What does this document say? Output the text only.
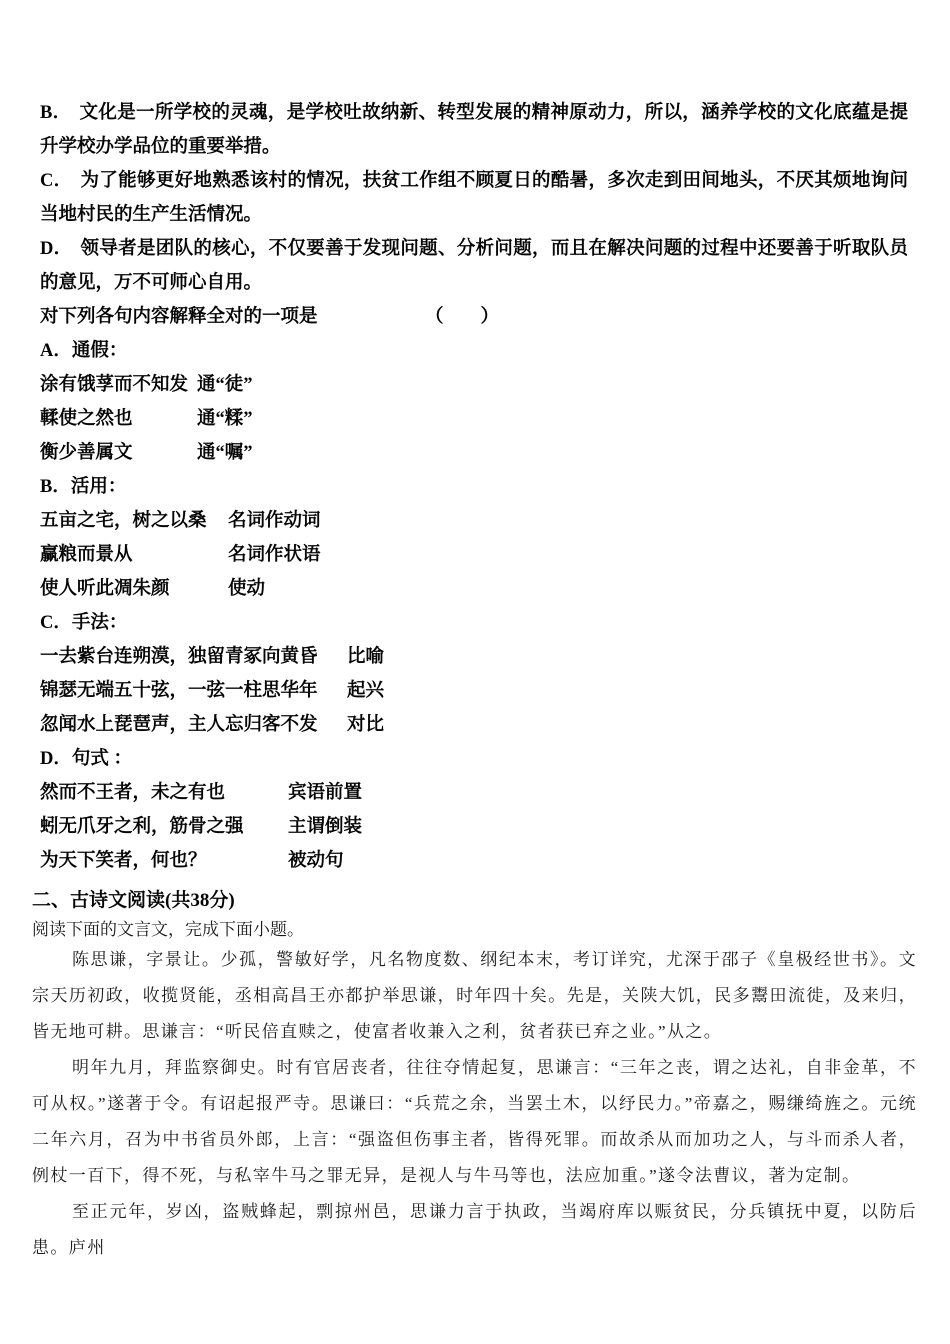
B． 文化是一所学校的灵魂，是学校吐故纳新、转型发展的精神原动力，所以，涵养学校的文化底蕴是提升学校办学品位的重要举措。

C． 为了能够更好地熟悉该村的情况，扶贫工作组不顾夏日的酷暑，多次走到田间地头，不厌其烦地询问当地村民的生产生活情况。

D． 领导者是团队的核心，不仅要善于发现问题、分析问题，而且在解决问题的过程中还要善于听取队员的意见，万不可师心自用。

对下列各句内容解释全对的一项是	（　　）
A．通假：
涂有饿莩而不知发 通“徒”
輮使之然也	通“糅”
衡少善属文	通“嘱”
B．活用：
五亩之宅，树之以桑 名词作动词
赢粮而景从	名词作状语
使人听此凋朱颜	使动
C．手法：
一去紫台连朔漠，独留青冢向黄昏 比喻
锦瑟无端五十弦，一弦一柱思华年 起兴
忽闻水上琵琶声，主人忘归客不发 对比
D．句式 ：
然而不王者，未之有也	宾语前置
蚓无爪牙之利，筋骨之强 主谓倒装
为天下笑者，何也？	被动句
二、古诗文阅读(共38分)
阅读下面的文言文，完成下面小题。

陈思谦，字景让。少孤，警敏好学，凡名物度数、纲纪本末，考订详究，尤深于邵子《皇极经世书》。文宗天历初政，收揽贤能，丞相高昌王亦都护举思谦，时年四十矣。先是，关陕大饥，民多鬻田流徙，及来归，皆无地可耕。思谦言：“听民倍直赎之，使富者收兼入之利，贫者获已弃之业。”从之。

明年九月，拜监察御史。时有官居丧者，往往夺情起复，思谦言：“三年之丧，谓之达礼，自非金革，不可从权。”遂著于令。有诏起报严寺。思谦曰：“兵荒之余，当罢土木，以纾民力。”帝嘉之，赐缣绮旌之。元统二年六月，召为中书省员外郎，上言：“强盗但伤事主者，皆得死罪。而故杀从而加功之人，与斗而杀人者，例杖一百下，得不死，与私宰牛马之罪无异，是视人与牛马等也，法应加重。”遂令法曹议，著为定制。

至正元年，岁凶，盗贼蜂起，剽掠州邑，思谦力言于执政，当竭府库以赈贫民，分兵镇抚中夏，以防后患。庐州
